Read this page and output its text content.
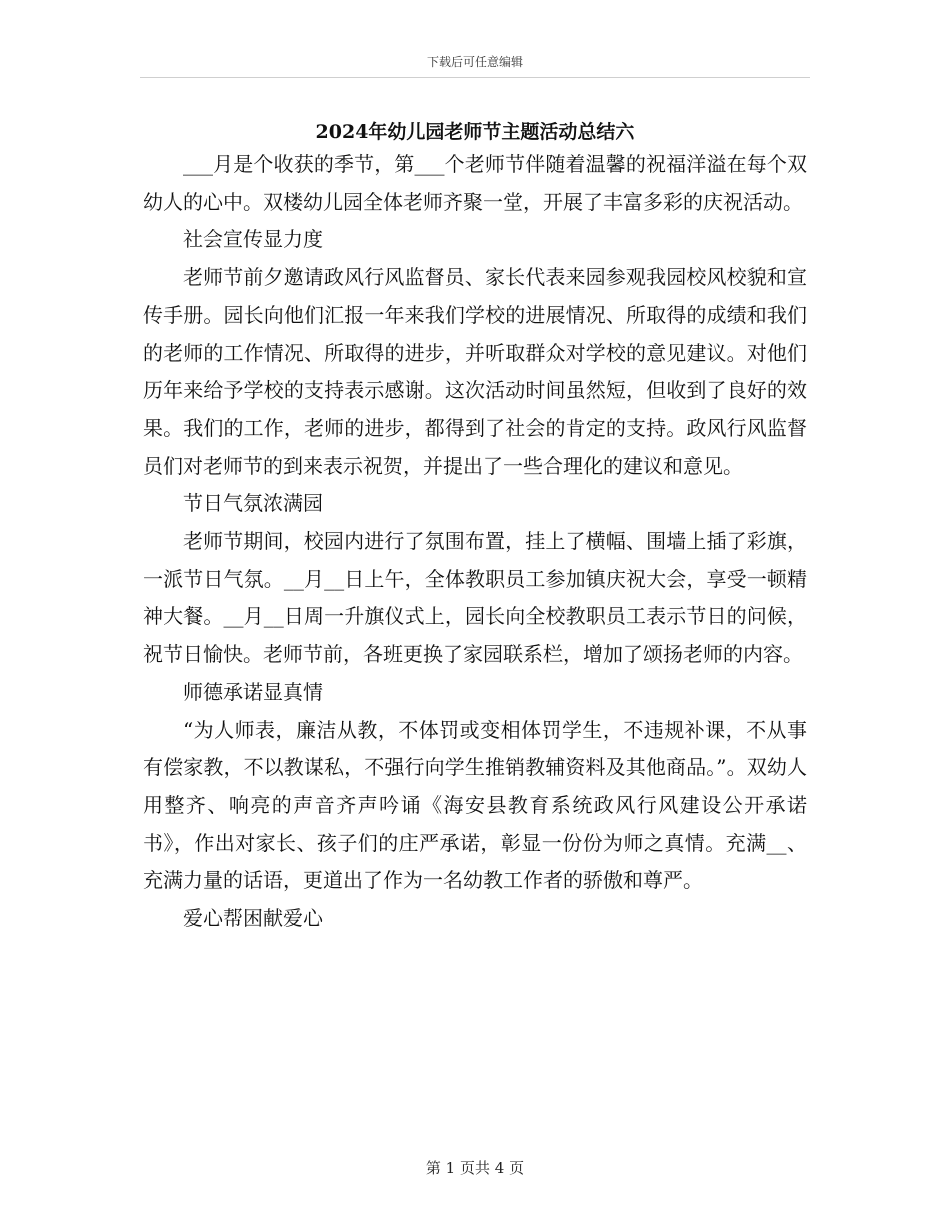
下载后可任意编辑
2024年幼儿园老师节主题活动总结六

___月是个收获的季节，第___个老师节伴随着温馨的祝福洋溢在每个双幼人的心中。双楼幼儿园全体老师齐聚一堂，开展了丰富多彩的庆祝活动。

社会宣传显力度

老师节前夕邀请政风行风监督员、家长代表来园参观我园校风校貌和宣传手册。园长向他们汇报一年来我们学校的进展情况、所取得的成绩和我们的老师的工作情况、所取得的进步，并听取群众对学校的意见建议。对他们历年来给予学校的支持表示感谢。这次活动时间虽然短，但收到了良好的效果。我们的工作，老师的进步，都得到了社会的肯定的支持。政风行风监督员们对老师节的到来表示祝贺，并提出了一些合理化的建议和意见。

节日气氛浓满园

老师节期间，校园内进行了氛围布置，挂上了横幅、围墙上插了彩旗，一派节日气氛。__月__日上午，全体教职员工参加镇庆祝大会，享受一顿精神大餐。__月__日周一升旗仪式上，园长向全校教职员工表示节日的问候，祝节日愉快。老师节前，各班更换了家园联系栏，增加了颂扬老师的内容。

师德承诺显真情

“为人师表，廉洁从教，不体罚或变相体罚学生，不违规补课，不从事有偿家教，不以教谋私，不强行向学生推销教辅资料及其他商品。”。双幼人用整齐、响亮的声音齐声吟诵《海安县教育系统政风行风建设公开承诺书》，作出对家长、孩子们的庄严承诺，彰显一份份为师之真情。充满__、充满力量的话语，更道出了作为一名幼教工作者的骄傲和尊严。

爱心帮困献爱心

第 1 页共 4 页
